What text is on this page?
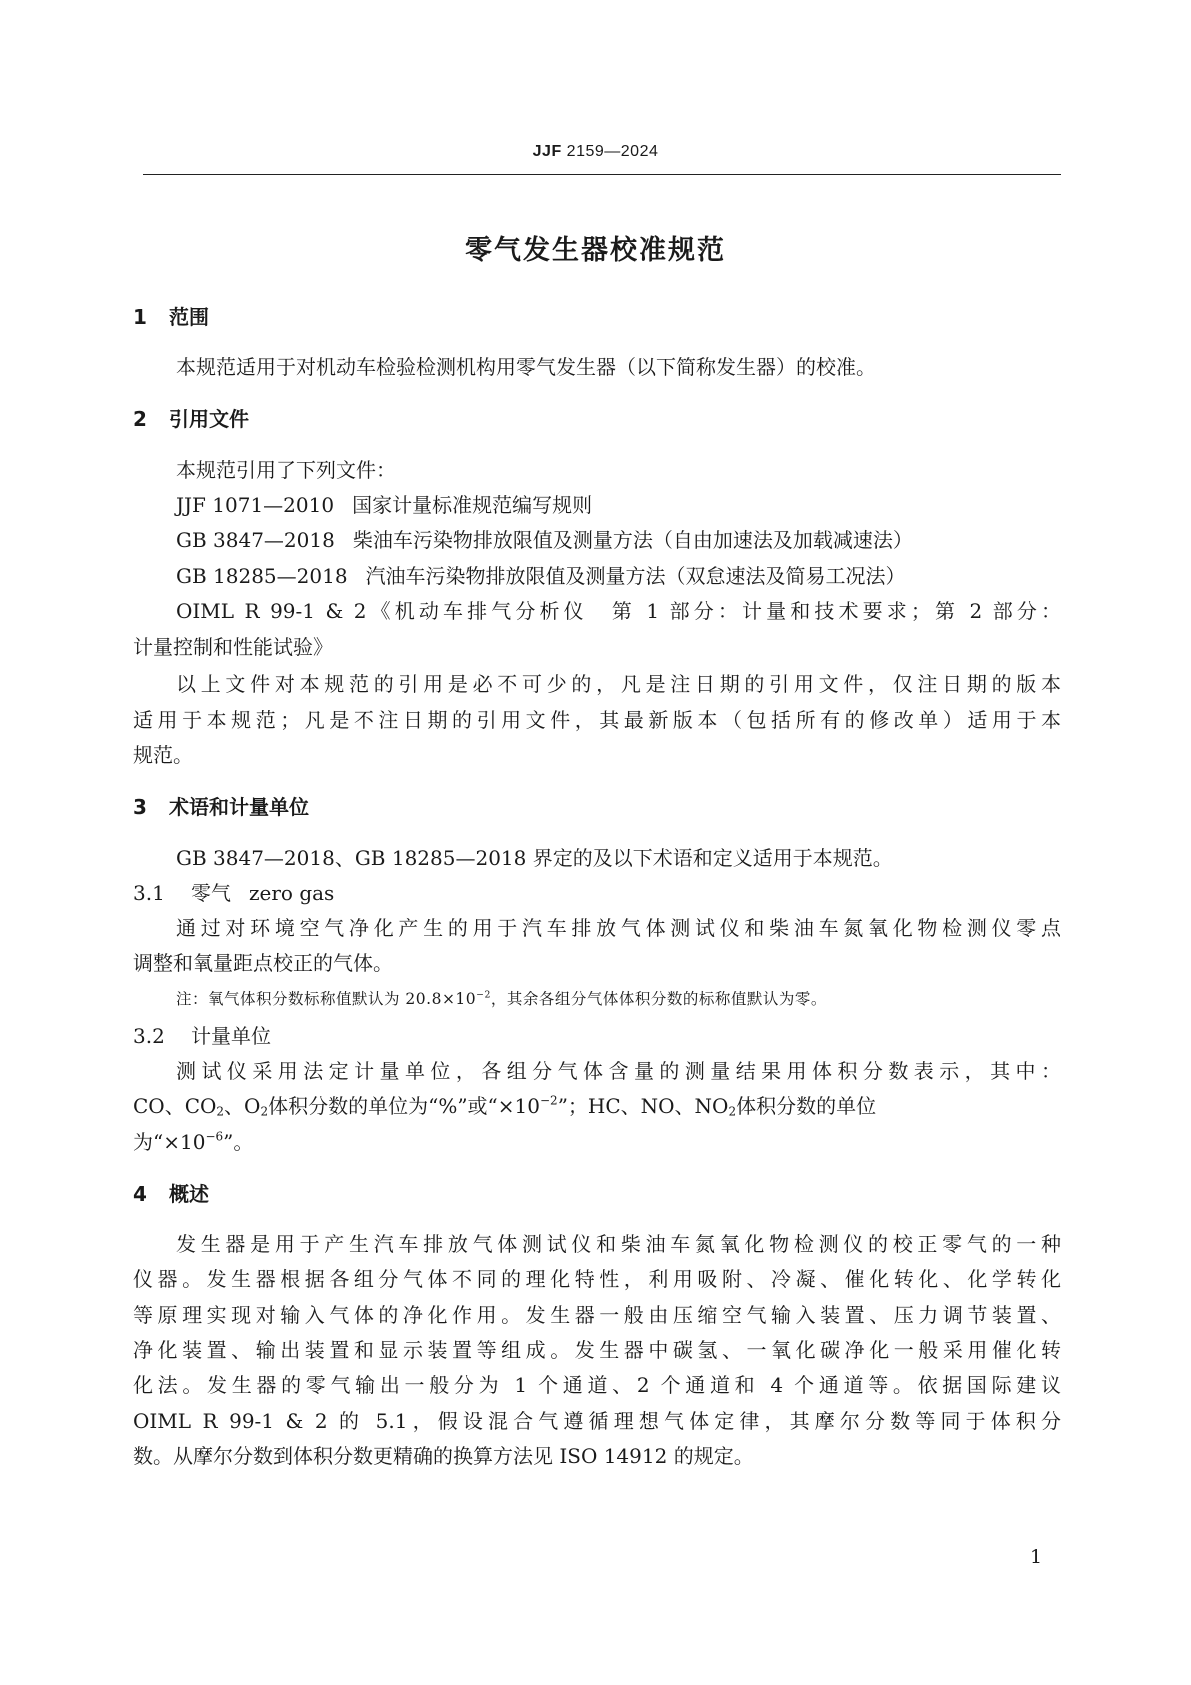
JJF 2159—2024
零气发生器校准规范
1 范围
本规范适用于对机动车检验检测机构用零气发生器（以下简称发生器）的校准。
2 引用文件
本规范引用了下列文件：
JJF 1071—2010 国家计量标准规范编写规则
GB 3847—2018 柴油车污染物排放限值及测量方法（自由加速法及加载减速法）
GB 18285—2018 汽油车污染物排放限值及测量方法（双怠速法及简易工况法）
OIML R 99-1 & 2《机动车排气分析仪　第 1 部分：计量和技术要求；第 2 部分：
计量控制和性能试验》
以上文件对本规范的引用是必不可少的，凡是注日期的引用文件，仅注日期的版本
适用于本规范；凡是不注日期的引用文件，其最新版本（包括所有的修改单）适用于本
规范。
3 术语和计量单位
GB 3847—2018、GB 18285—2018 界定的及以下术语和定义适用于本规范。
3.1 零气 zero gas
通过对环境空气净化产生的用于汽车排放气体测试仪和柴油车氮氧化物检测仪零点
调整和氧量距点校正的气体。
注：氧气体积分数标称值默认为 $20.8\times 10^{-2}$，其余各组分气体体积分数的标称值默认为零。
3.2 计量单位
测试仪采用法定计量单位，各组分气体含量的测量结果用体积分数表示，其中：
CO、$CO_2$、$O_2$体积分数的单位为“%”或“$\times 10^{-2}$”；HC、NO、$NO_2$体积分数的单位
为“$\times 10^{-6}$”。
4 概述
发生器是用于产生汽车排放气体测试仪和柴油车氮氧化物检测仪的校正零气的一种
仪器。发生器根据各组分气体不同的理化特性，利用吸附、冷凝、催化转化、化学转化
等原理实现对输入气体的净化作用。发生器一般由压缩空气输入装置、压力调节装置、
净化装置、输出装置和显示装置等组成。发生器中碳氢、一氧化碳净化一般采用催化转
化法。发生器的零气输出一般分为 1 个通道、2 个通道和 4 个通道等。依据国际建议
OIML R 99-1 & 2 的 5.1，假设混合气遵循理想气体定律，其摩尔分数等同于体积分
数。从摩尔分数到体积分数更精确的换算方法见 ISO 14912 的规定。
1
